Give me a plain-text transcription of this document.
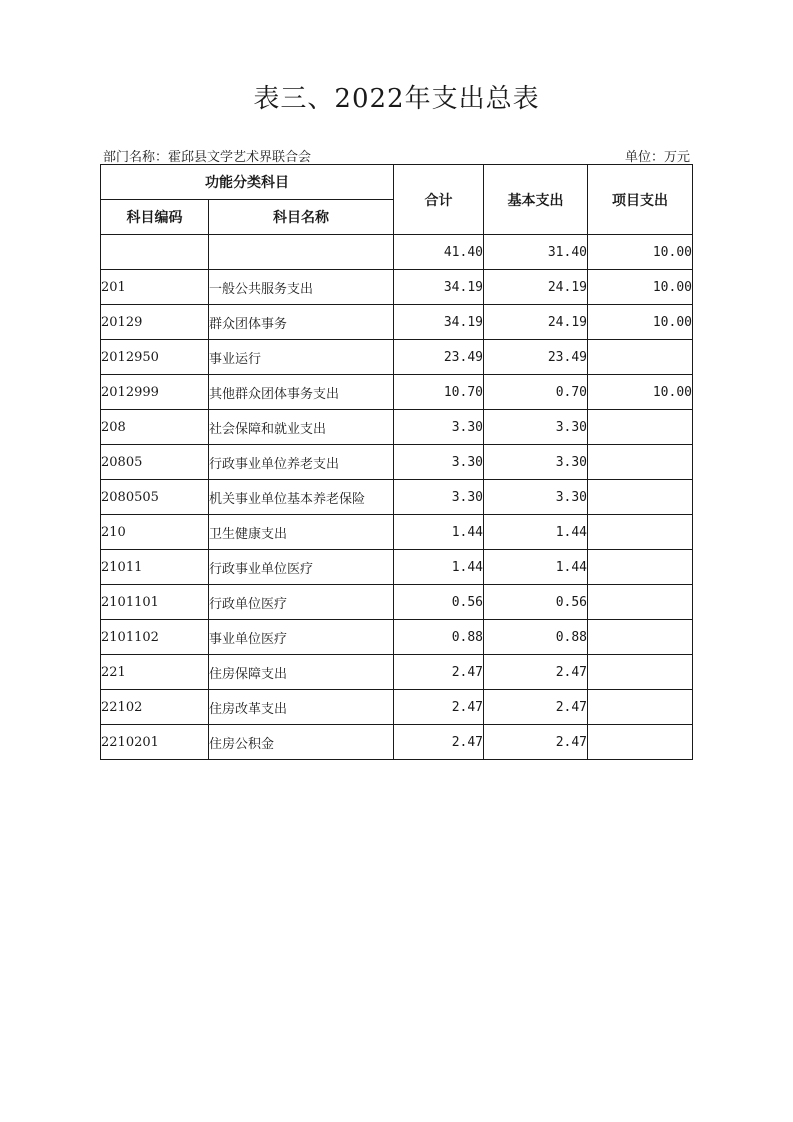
表三、2022年支出总表
部门名称：霍邱县文学艺术界联合会	单位：万元
功能分类科目		合计	基本支出	项目支出
科目编码	科目名称			
		41.40	31.40	10.00
201	一般公共服务支出	34.19	24.19	10.00
20129	群众团体事务	34.19	24.19	10.00
2012950	事业运行	23.49	23.49	
2012999	其他群众团体事务支出	10.70	0.70	10.00
208	社会保障和就业支出	3.30	3.30	
20805	行政事业单位养老支出	3.30	3.30	
2080505	机关事业单位基本养老保险	3.30	3.30	
210	卫生健康支出	1.44	1.44	
21011	行政事业单位医疗	1.44	1.44	
2101101	行政单位医疗	0.56	0.56	
2101102	事业单位医疗	0.88	0.88	
221	住房保障支出	2.47	2.47	
22102	住房改革支出	2.47	2.47	
2210201	住房公积金	2.47	2.47	
